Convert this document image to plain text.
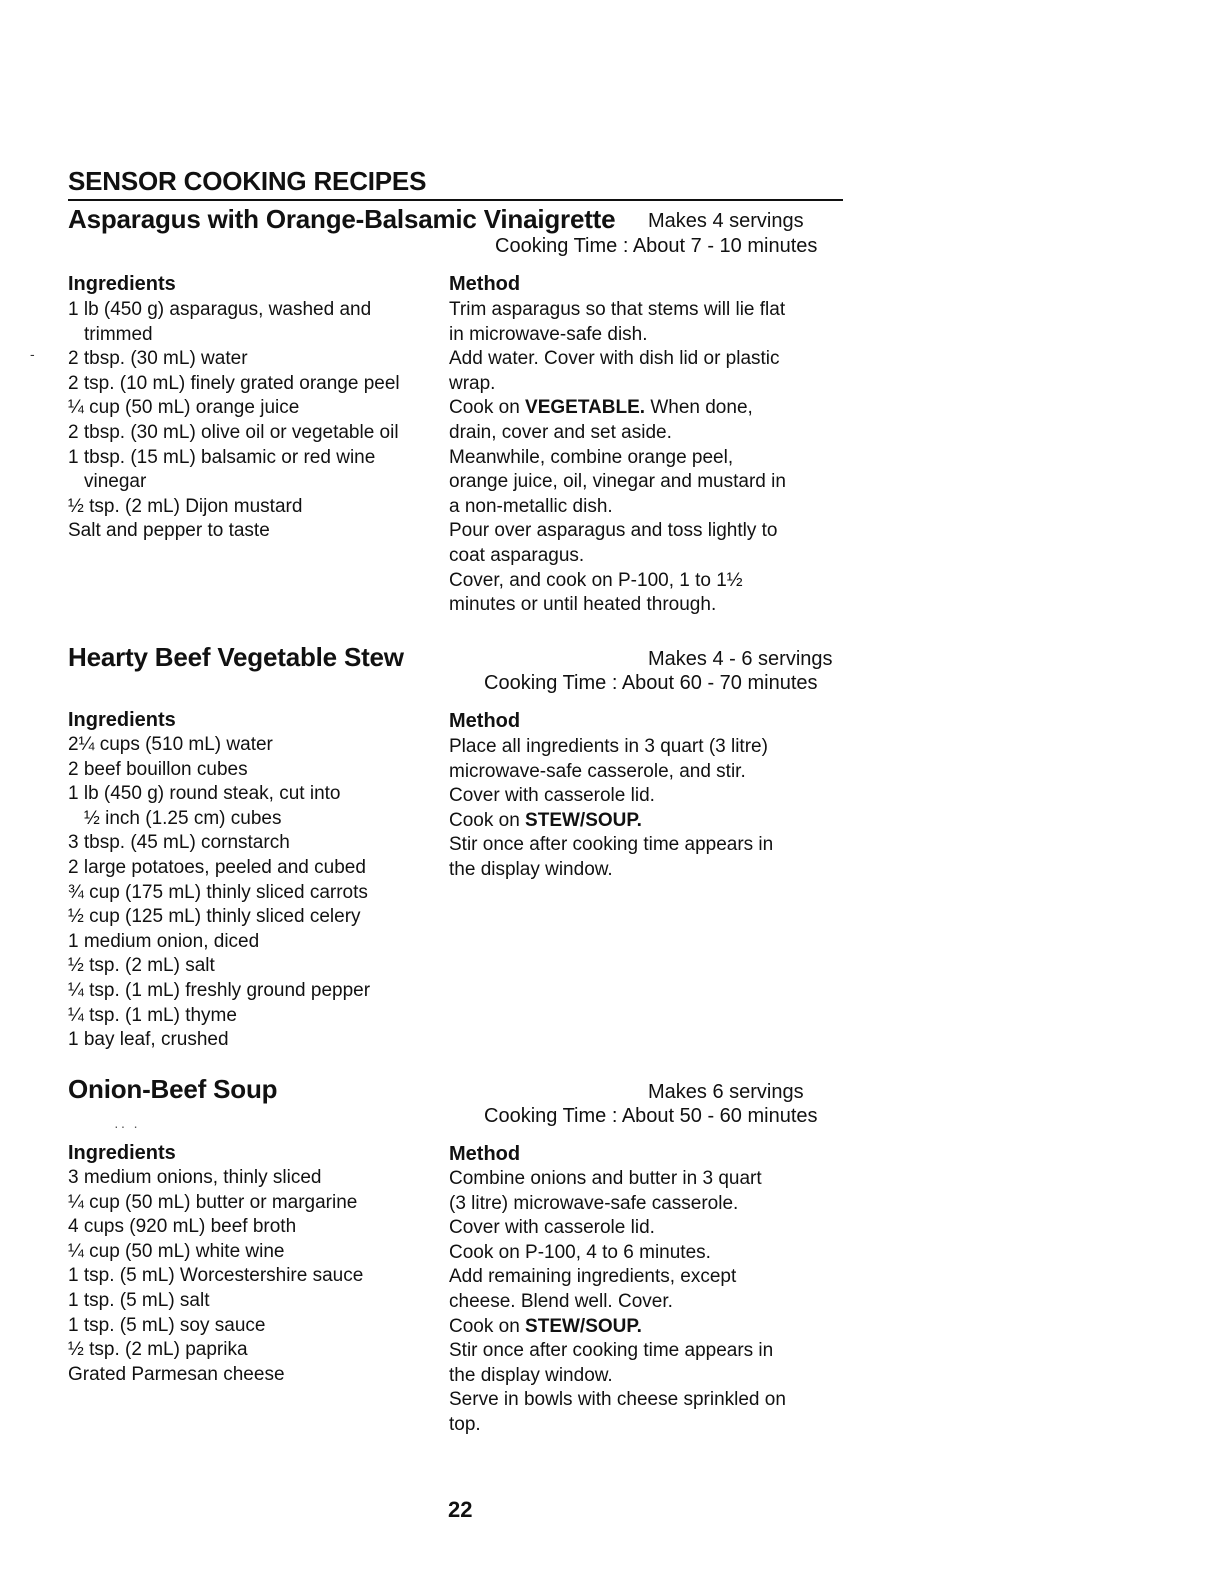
SENSOR COOKING RECIPES
Asparagus with Orange-Balsamic Vinaigrette Makes 4 servings
Cooking Time : About 7 - 10 minutes
Ingredients	Method
1 lb (450 g) asparagus, washed and
trimmed
2 tbsp. (30 mL) water
2 tsp. (10 mL) finely grated orange peel
¼ cup (50 mL) orange juice
2 tbsp. (30 mL) olive oil or vegetable oil
1 tbsp. (15 mL) balsamic or red wine
vinegar
½ tsp. (2 mL) Dijon mustard
Salt and pepper to taste
Trim asparagus so that stems will lie flat
in microwave-safe dish.
Add water. Cover with dish lid or plastic
wrap.
Cook on VEGETABLE. When done,
drain, cover and set aside.
Meanwhile, combine orange peel,
orange juice, oil, vinegar and mustard in
a non-metallic dish.
Pour over asparagus and toss lightly to
coat asparagus.
Cover, and cook on P-100, 1 to 1½
minutes or until heated through.
-
Hearty Beef Vegetable Stew	Makes 4 - 6 servings
Cooking Time : About 60 - 70 minutes
Ingredients	Method
2¼ cups (510 mL) water
2 beef bouillon cubes
1 lb (450 g) round steak, cut into
½ inch (1.25 cm) cubes
3 tbsp. (45 mL) cornstarch
2 large potatoes, peeled and cubed
¾ cup (175 mL) thinly sliced carrots
½ cup (125 mL) thinly sliced celery
1 medium onion, diced
½ tsp. (2 mL) salt
¼ tsp. (1 mL) freshly ground pepper
¼ tsp. (1 mL) thyme
1 bay leaf, crushed
Place all ingredients in 3 quart (3 litre)
microwave-safe casserole, and stir.
Cover with casserole lid.
Cook on STEW/SOUP.
Stir once after cooking time appears in
the display window.
Onion-Beef Soup	Makes 6 servings
Cooking Time : About 50 - 60 minutes
·· ·
Ingredients	Method
3 medium onions, thinly sliced
¼ cup (50 mL) butter or margarine
4 cups (920 mL) beef broth
¼ cup (50 mL) white wine
1 tsp. (5 mL) Worcestershire sauce
1 tsp. (5 mL) salt
1 tsp. (5 mL) soy sauce
½ tsp. (2 mL) paprika
Grated Parmesan cheese
Combine onions and butter in 3 quart
(3 litre) microwave-safe casserole.
Cover with casserole lid.
Cook on P-100, 4 to 6 minutes.
Add remaining ingredients, except
cheese. Blend well. Cover.
Cook on STEW/SOUP.
Stir once after cooking time appears in
the display window.
Serve in bowls with cheese sprinkled on
top.
22
